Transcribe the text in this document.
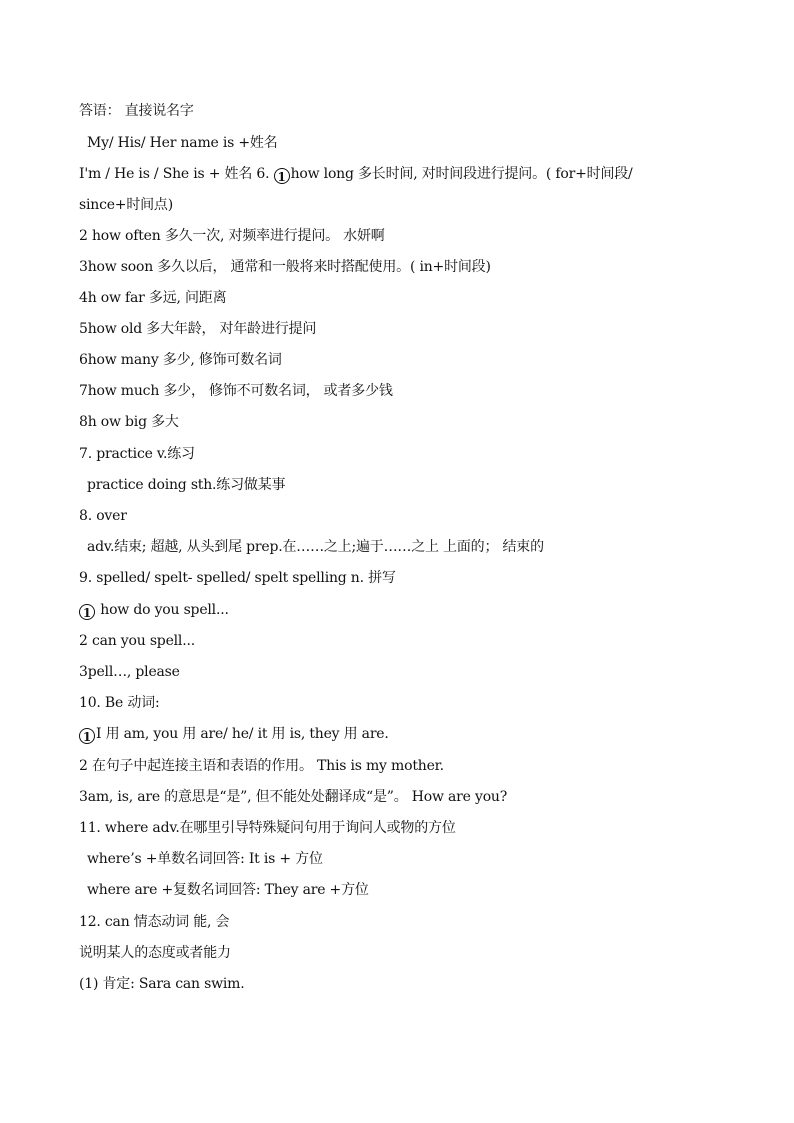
答语： 直接说名字
My/ His/ Her name is +姓名
I'm / He is / She is + 姓名 6. 1 how long 多长时间, 对时间段进行提问。( for+时间段/
since+时间点)
2 how often 多久一次, 对频率进行提问。 水妍啊
3how soon 多久以后， 通常和一般将来时搭配使用。( in+时间段)
4h ow far 多远, 问距离
5how old 多大年龄， 对年龄进行提问
6how many 多少, 修饰可数名词
7how much 多少， 修饰不可数名词， 或者多少钱
8h ow big 多大
7. practice v.练习
practice doing sth.练习做某事
8. over
adv.结束; 超越, 从头到尾 prep.在……之上;遍于……之上 上面的； 结束的
9. spelled/ spelt- spelled/ spelt spelling n. 拼写
1 how do you spell...
2 can you spell...
3pell…, please
10. Be 动词:
1 I 用 am, you 用 are/ he/ it 用 is, they 用 are.
2 在句子中起连接主语和表语的作用。 This is my mother.
3am, is, are 的意思是“是”, 但不能处处翻译成“是”。 How are you?
11. where adv.在哪里引导特殊疑问句用于询问人或物的方位
where’s +单数名词回答: It is + 方位
where are +复数名词回答: They are +方位
12. can 情态动词 能, 会
说明某人的态度或者能力
(1) 肯定: Sara can swim.
